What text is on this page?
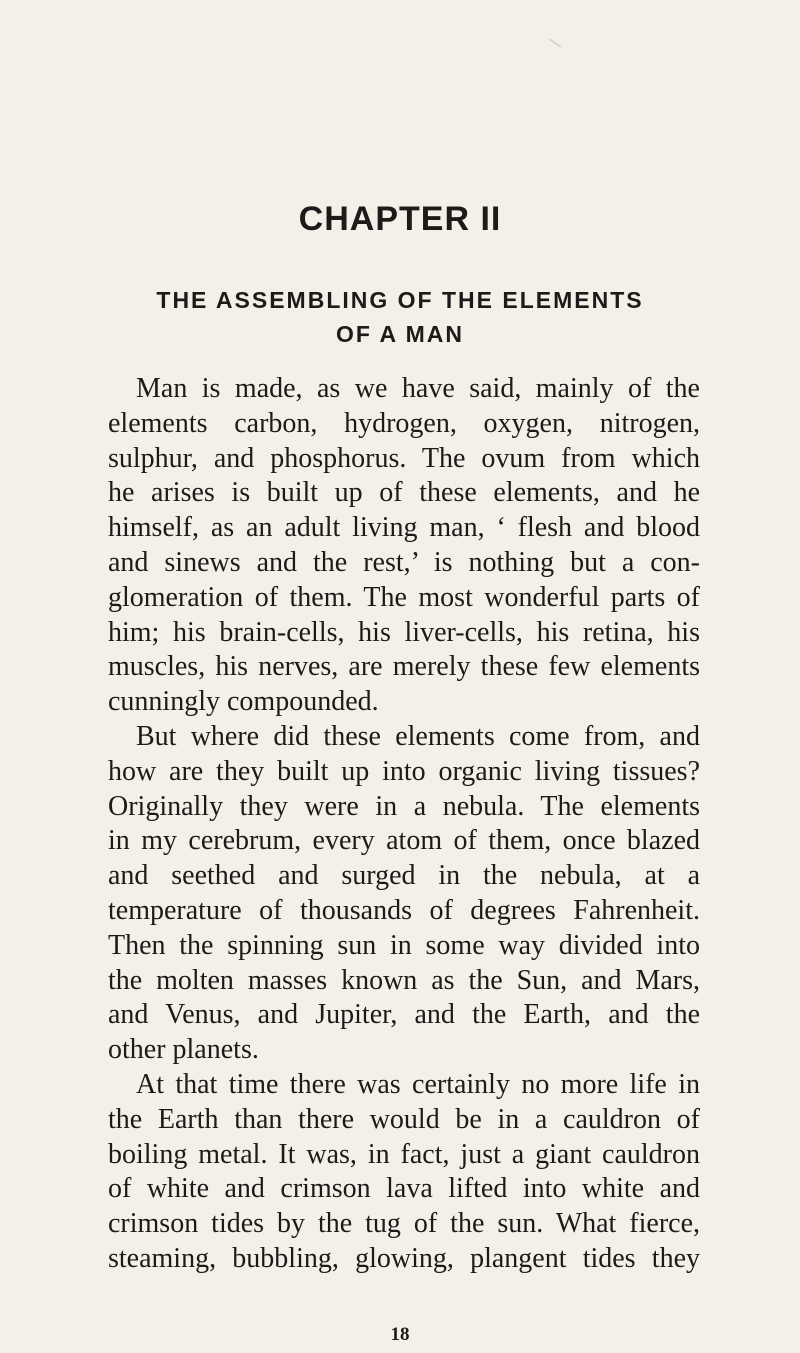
CHAPTER II
THE ASSEMBLING OF THE ELEMENTS
OF A MAN

Man is made, as we have said, mainly of the
elements carbon, hydrogen, oxygen, nitrogen,
sulphur, and phosphorus. The ovum from which
he arises is built up of these elements, and he
himself, as an adult living man, ‘ flesh and blood
and sinews and the rest,’ is nothing but a con-
glomeration of them. The most wonderful parts of
him; his brain-cells, his liver-cells, his retina, his
muscles, his nerves, are merely these few elements
cunningly compounded.

But where did these elements come from, and
how are they built up into organic living tissues?
Originally they were in a nebula. The elements
in my cerebrum, every atom of them, once blazed
and seethed and surged in the nebula, at a
temperature of thousands of degrees Fahrenheit.
Then the spinning sun in some way divided into
the molten masses known as the Sun, and Mars,
and Venus, and Jupiter, and the Earth, and the
other planets.

At that time there was certainly no more life in
the Earth than there would be in a cauldron of
boiling metal. It was, in fact, just a giant cauldron
of white and crimson lava lifted into white and
crimson tides by the tug of the sun. What fierce,
steaming, bubbling, glowing, plangent tides they

18
